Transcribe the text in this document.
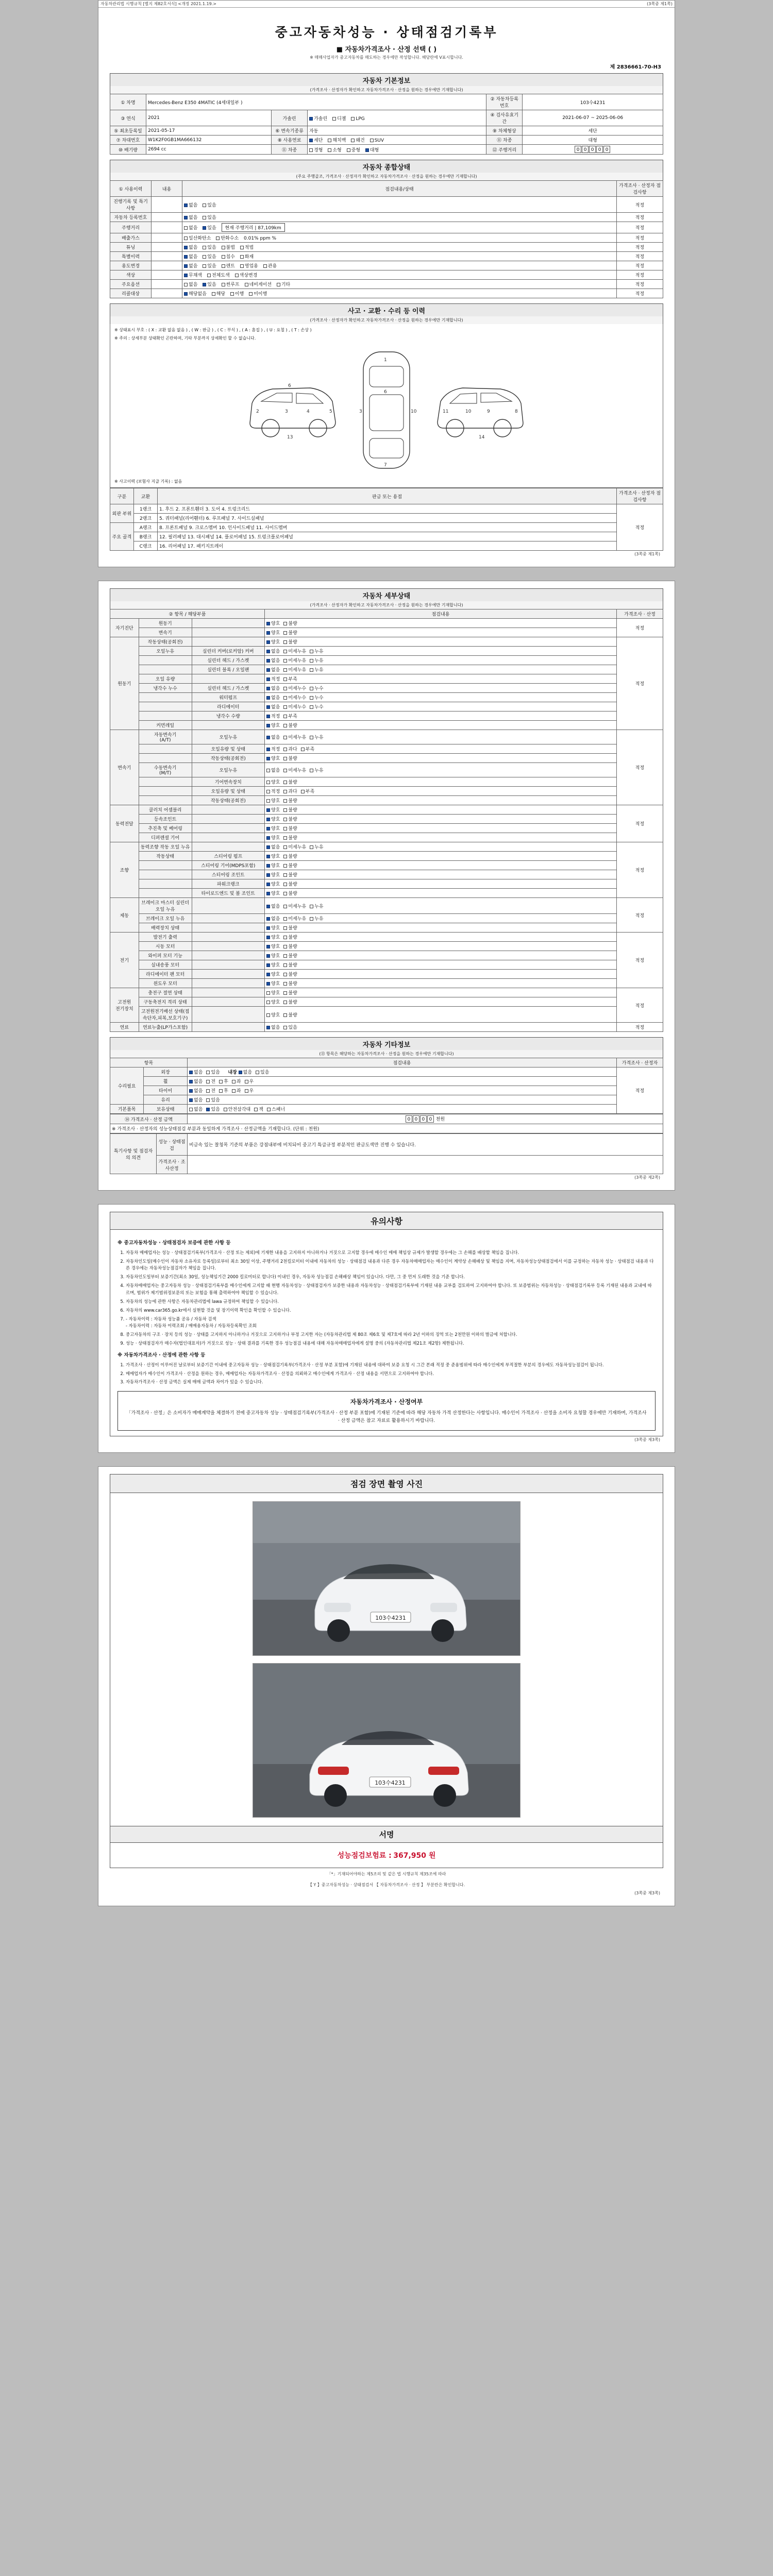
자동차관리법 시행규칙 [별지 제82호서식] <개정 2021.1.19.>	(3쪽중 제1쪽)
중고자동차성능 · 상태점검기록부
■ 자동차가격조사 · 산정 선택 ( )
※ 매매사업자가 중고자동차를 매도하는 경우에만 작성합니다. 해당란에 V표시합니다.
제 2836661-70-H3
자동차 기본정보
(가격조사 · 산정자가 확인하고 자동차가격조사 · 산정을 원하는 경우에만 기재합니다)
① 차명	Mercedes-Benz E350 4MATIC (4세대일부 )			② 자동차등록번호	103수4231
③ 연식	2021	가솔린	가솔린 디젤 LPG	④ 검사유효기간	2021-06-07 ~ 2025-06-06
⑤ 최초등록일	2021-05-17	⑥ 변속기종류	자동	⑨ 차체형상	세단
⑦ 차대번호	W1K2F0GB1MA666132	⑧ 사용연료	세단 해치백 왜건 SUV	⑪ 차종	대형
⑩ 배기량	2694 cc	⑪ 차종	경형 소형 중형 대형	⑫ 주행거리	0 0 0 0 0
자동차 종합상태
(주요 주행골조, 가격조사 · 산정자가 확인하고 자동차가격조사 · 산정을 원하는 경우에만 기재합니다)
① 사용이력	내용	점검내용/상태	가격조사 · 산정자 점검사항
진행기록 및 특기사항		없음 있음	적정
자동차 등록번호		없음 있음	적정
주행거리		없음 있음 현재 주행거리 | 87,109km	적정
배출가스		일산화탄소 탄화수소 0.01% ppm %	적정
튜닝		없음 있음 불법 적법	적정
특별이력		없음 있음 침수 화재	적정
용도변경		없음 있음 렌트 영업용 관용	적정
색상		무채색 전체도색 색상변경	적정
주요옵션		없음 있음 썬루프 네비게이션 기타	적정
리콜대상		해당없음 해당 이행 미이행	적정
사고 · 교환 · 수리 등 이력
(가격조사 · 산정자가 확인하고 자동차가격조사 · 산정을 원하는 경우에만 기재합니다)
※ 상태표시 부호 : ( X : 교환 없음 없음 ) , ( W : 판금 ) , ( C : 부식 ) , ( A : 흠집 ) , ( U : 요철 ) , ( T : 손상 )
※ 주의 : 상세부분 상태확인 곤란하며, 기타 부분까지 상세확인 할 수 없습니다.
3	4
2	5
6
13
1
6
7
3	10	9
10	8
11
14
※ 사고이력 (보험사 지급 기록) : 없음
구분	교환	판금 또는 용접	가격조사 · 산정자 점검사항
외판 부위	1랭크	1. 후드 2. 프론트휀더 3. 도어 4. 트렁크리드	적정
	2랭크	5. 쿼터패널(리어휀더) 6. 루프패널 7. 사이드실패널	
주요 골격	A랭크	8. 프론트패널 9. 크로스멤버 10. 인사이드패널 11. 사이드멤버	
	B랭크	12. 필러패널 13. 대시패널 14. 플로어패널 15. 트렁크플로어패널	
	C랭크	16. 리어패널 17. 패키지트레이	
(3쪽중 제1쪽)
자동차 세부상태
(가격조사 · 산정자가 확인하고 자동차가격조사 · 산정을 원하는 경우에만 기재합니다)
② 항목 / 해당부품			점검내용	가격조사 · 산정
자기진단	원동기		양호 불량	적정
	변속기		양호 불량	
원동기	작동상태(공회전)		양호 불량	적정
	오일누유	실린더 커버(로커암) 커버	없음 미세누유 누유	
		실린더 헤드 / 가스켓	없음 미세누유 누유	
		실린더 블록 / 오일팬	없음 미세누유 누유	
	오일 유량		적정 부족	
	냉각수 누수	실린더 헤드 / 가스켓	없음 미세누수 누수	
		워터펌프	없음 미세누수 누수	
		라디에이터	없음 미세누수 누수	
		냉각수 수량	적정 부족	
	커먼레일		양호 불량	
변속기	자동변속기
(A/T)	오일누유	없음 미세누유 누유	적정
		오일유량 및 상태	적정 과다 부족	
		작동상태(공회전)	양호 불량	
	수동변속기
(M/T)	오일누유	없음 미세누유 누유	
		기어변속장치	양호 불량	
		오일유량 및 상태	적정 과다 부족	
		작동상태(공회전)	양호 불량	
동력전달	클러치 어셈블리		양호 불량	적정
	등속조인트		양호 불량	
	추진축 및 베어링		양호 불량	
	디퍼렌셜 기어		양호 불량	
조향	동력조향 작동 오일 누유		없음 미세누유 누유	적정
	작동상태	스티어링 펌프	양호 불량	
		스티어링 기어(MDPS포함)	양호 불량	
		스티어링 조인트	양호 불량	
		파워크랭크	양호 불량	
		타이로드엔드 및 볼 조인트	양호 불량	
제동	브레이크 마스터 실린더오일 누유		없음 미세누유 누유	적정
	브레이크 오일 누유		없음 미세누유 누유	
	배력장치 상태		양호 불량	
전기	발전기 출력		양호 불량	적정
	시동 모터		양호 불량	
	와이퍼 모터 기능		양호 불량	
	실내송풍 모터		양호 불량	
	라디에이터 팬 모터		양호 불량	
	윈도우 모터		양호 불량	
고전원
전기장치	충전구 절연 상태		양호 불량	적정
	구동축전지 격리 상태		양호 불량	
	고전원전기배선 상태(접속단자,피복,보호기구)		양호 불량	
연료	연료누출(LP가스포함)		없음 있음	적정
자동차 기타정보
(⑬ 항목은 해당하는 자동차가격조사 · 산정을 원하는 경우에만 기재합니다)
항목		점검내용	가격조사 · 산정자
수리필요	외장	없음 있음 내장 없음 있음	적정
	휠	없음 전 후 좌 우	
	타이어	없음 전 후 좌 우	
	유리	없음 있음	
기본품목	보유상태	없음 있음 안전삼각대 잭 스패너	
⑭ 가격조사 · 산정 금액	0 0 0 0 천원
※ 가격조사 · 산정자의 성능상태점검 부분과 동일하게 가격조사 · 산정금액을 기재합니다. (단위 : 천원)
특기사항 및 점검자의 의견	성능 · 상태점검	비금속 있는 찰청목 기준의 부품은 강점내부에 비치되어 중고기 특급규정 부분적인 판금도색만 진행 수 있습니다.
	가격조사 · 조사산정	
(3쪽중 제2쪽)
유의사항
※ 중고자동차성능 · 상태점검자 보증에 관한 사항 등
1. 자동차 매매업자는 성능 · 상태점검기록부(가격조사 · 산정 또는 제외)에 기재한 내용을 고지하지 아니하거나 거짓으로 고지할 경우에 매수인 매매 책임상 규제가 발생할 경우에는 그 손해를 배상할 책임을 집니다.
2. 자동차인도일(매수인이 자동차 소유자로 등록일)로부터 최소 30일 이상, 주행거리 2천킬로미터 이내에 자동차의 성능 · 상태점검 내용과 다른 경우 자동차매매업자는 매수인이 계약상 손해배상 및 책임을 지며, 자동차성능상태점검에서 이를 규정하는 자동차 성능 · 상태점검 내용과 다른 경우에는 자동차성능점검자가 책임을 집니다.
3. 자동차인도일부터 보증기간(최소 30일, 성능책임기간 2000 킬로미터로 합니다) 이내인 경우, 자동차 성능점검 손해배상 책임이 있습니다. 다만, 그 중 먼저 도래한 것을 기준 합니다.
4. 자동차매매업자는 중고자동차 성능 · 상태점검기록부를 매수인에게 고지할 때 현행 자동차성능 · 상태점검자가 보증한 내용과 자동차성능 · 상태점검기록부에 기재된 내용 교부를 검토하여 고지하여야 합니다. 또 보증범위는 자동차성능 · 상태점검기록부 등록 기재된 내용과 교내에 따르며, 범위가 제기범위정보문의 또는 보험을 통해 출력하여야 책임할 수 있습니다.
5. 자동차의 성능에 관한 사항은 자동차관리법에 lawa 규정하여 책임할 수 있습니다.
6. 자동차의 www.car365.go.kr에서 실현할 것을 및 장기이력 확인을 확인할 수 있습니다.
7. - 자동차이력 : 자동차 성능품 공유 / 자동차 검색
- 자동차이력 : 자동차 이력조회 / 매매용자동차 / 자동차등록확인 조회
8. 중고자동차의 구조 · 장치 등의 성능 · 상태를 고지하지 아니하거나 거짓으로 고지하거나 부정 고지한 자는 (자동차관리법 제 80조 제6호 및 제7호에 따라 2년 이하의 징역 또는 2천만원 이하의 벌금에 처합니다.
9. 성능 · 상태점검자가 매수자(법인대표자)가 거짓으로 성능 · 상태 결과를 기록한 경우 성능점검 내용에 대해 자동차매매업자에게 설명 중의 (자동차관리법 제21조 제2항) 제한됩니다.
※ 자동차가격조사 · 산정에 관한 사항 등
1. 가격조사 · 산정이 이루어진 날로부터 보증기간 이내에 중고자동차 성능 · 상태점검기록부(가격조사 · 산정 부분 포함)에 기재된 내용에 대하여 보증 요청 시 그간 본래 적정 중 준용범위에 따라 매수인에게 부적절한 부분의 경우에도 자동차성능점검이 됩니다.
2. 매매업자가 매수인이 가격조사 · 산정을 원하는 경우, 매매업자는 자동차가격조사 · 산정을 의뢰하고 매수인에게 가격조사 · 산정 내용을 서면으로 고지하여야 합니다.
3. 자동차가격조사 · 산정 금액은 실제 매매 금액과 차이가 있을 수 있습니다.
자동차가격조사 · 산정여부
「가격조사 · 산정」은 소비자가 매매계약을 체결하기 전에 중고자동차 성능 · 상태점검기록부(가격조사 · 산정 부분 포함)에 기재된 기준에 따라 해당 자동차 가격 산정한다는 사항입니다. 매수인이 가격조사 · 산정을 소비자 요청할 경우에만 기재하며, 가격조사 · 산정 금액은 참고 자료로 활용하시기 바랍니다.
(3쪽중 제3쪽)
점검 장면 촬영 사진
103수4231
103수4231
서명
성능점검보험료 : 367,950 원
「*」기재되어야하는 제5조의 및 같은 법 시행규칙 제35조에 따라
【 Y 】중고자동차성능 · 상태점검서 【 자동차가격조사 · 산정 】 부분란은 확인합니다.
(3쪽중 제3쪽)
